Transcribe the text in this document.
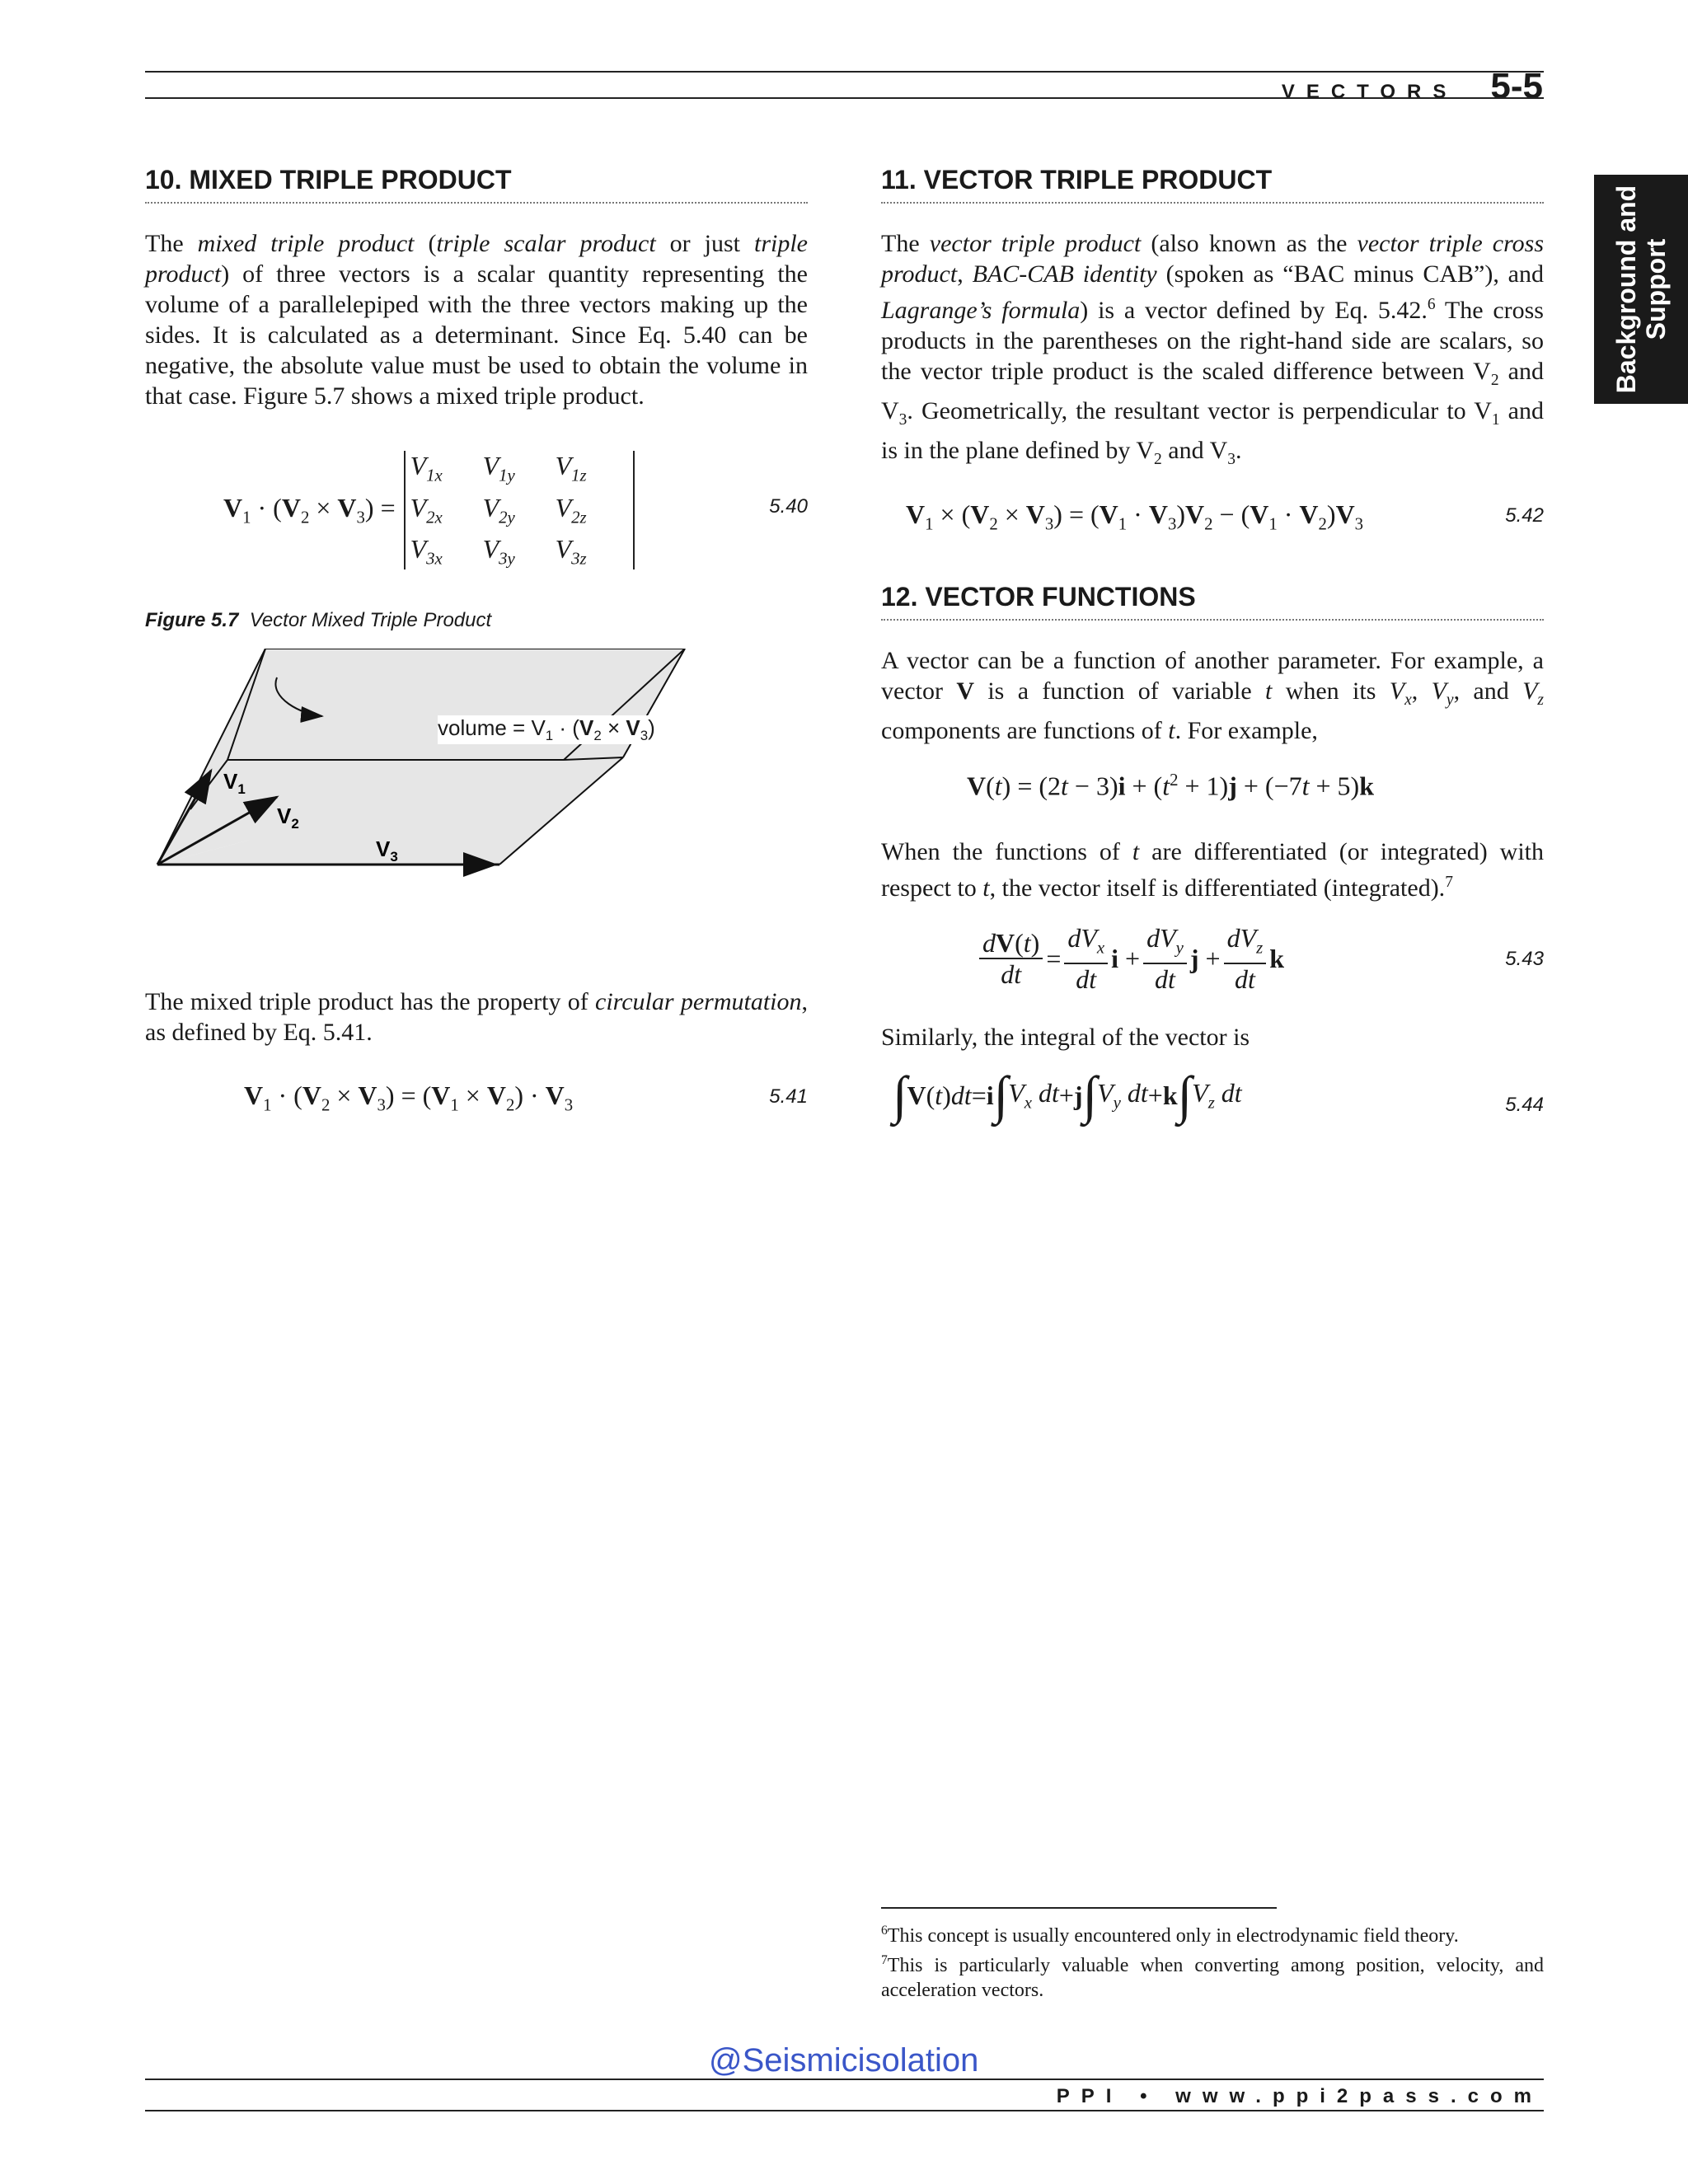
VECTORS 5-5
Background and Support
10. MIXED TRIPLE PRODUCT

The mixed triple product (triple scalar product or just triple product) of three vectors is a scalar quantity representing the volume of a parallelepiped with the three vectors making up the sides. It is calculated as a determinant. Since Eq. 5.40 can be negative, the absolute value must be used to obtain the volume in that case. Figure 5.7 shows a mixed triple product.

$V_1 \cdot (V_2 \times V_3)$ =
$V_{1x}$	$V_{1y}$	$V_{1z}$
$V_{2x}$	$V_{2y}$	$V_{2z}$
$V_{3x}$	$V_{3y}$	$V_{3z}$
5.40
Figure 5.7 Vector Mixed Triple Product
$V_1$
$V_2$
$V_3$
volume = $V_1 \cdot (V_2 \times V_3)$

The mixed triple product has the property of circular permutation, as defined by Eq. 5.41.

$V_1 \cdot (V_2 \times V_3) = (V_1 \times V_2) \cdot V_3$	5.41
11. VECTOR TRIPLE PRODUCT

The vector triple product (also known as the vector triple cross product, BAC-CAB identity (spoken as “BAC minus CAB”), and Lagrange’s formula) is a vector defined by Eq. 5.42.$^6$ The cross products in the parentheses on the right-hand side are scalars, so the vector triple product is the scaled difference between $V_2$ and $V_3$. Geometrically, the resultant vector is perpendicular to $V_1$ and is in the plane defined by $V_2$ and $V_3$.

$V_1 \times (V_2 \times V_3) = (V_1 \cdot V_3)V_2 - (V_1 \cdot V_2)V_3$	5.42
12. VECTOR FUNCTIONS

A vector can be a function of another parameter. For example, a vector V is a function of variable t when its $V_x$, $V_y$, and $V_z$ components are functions of t. For example,

$V(t) = (2t - 3)i + (t^2 + 1)j + (-7t + 5)k$

When the functions of t are differentiated (or integrated) with respect to t, the vector itself is differentiated (integrated).$^7$

$\frac{dV(t)}{dt} = \frac{dV_x}{dt}$ $i + \frac{dV_y}{dt}$ $j + \frac{dV_z}{dt}$ k	5.43

Similarly, the integral of the vector is

∫ V ( t ) dt = i ∫ $V_x$ dt + j ∫ $V_y$ dt + k ∫ $V_z$ dt	5.44
$^6$This concept is usually encountered only in electrodynamic field theory.
$^7$This is particularly valuable when converting among position, velocity, and acceleration vectors.
@Seismicisolation
PPI • www.ppi2pass.com
